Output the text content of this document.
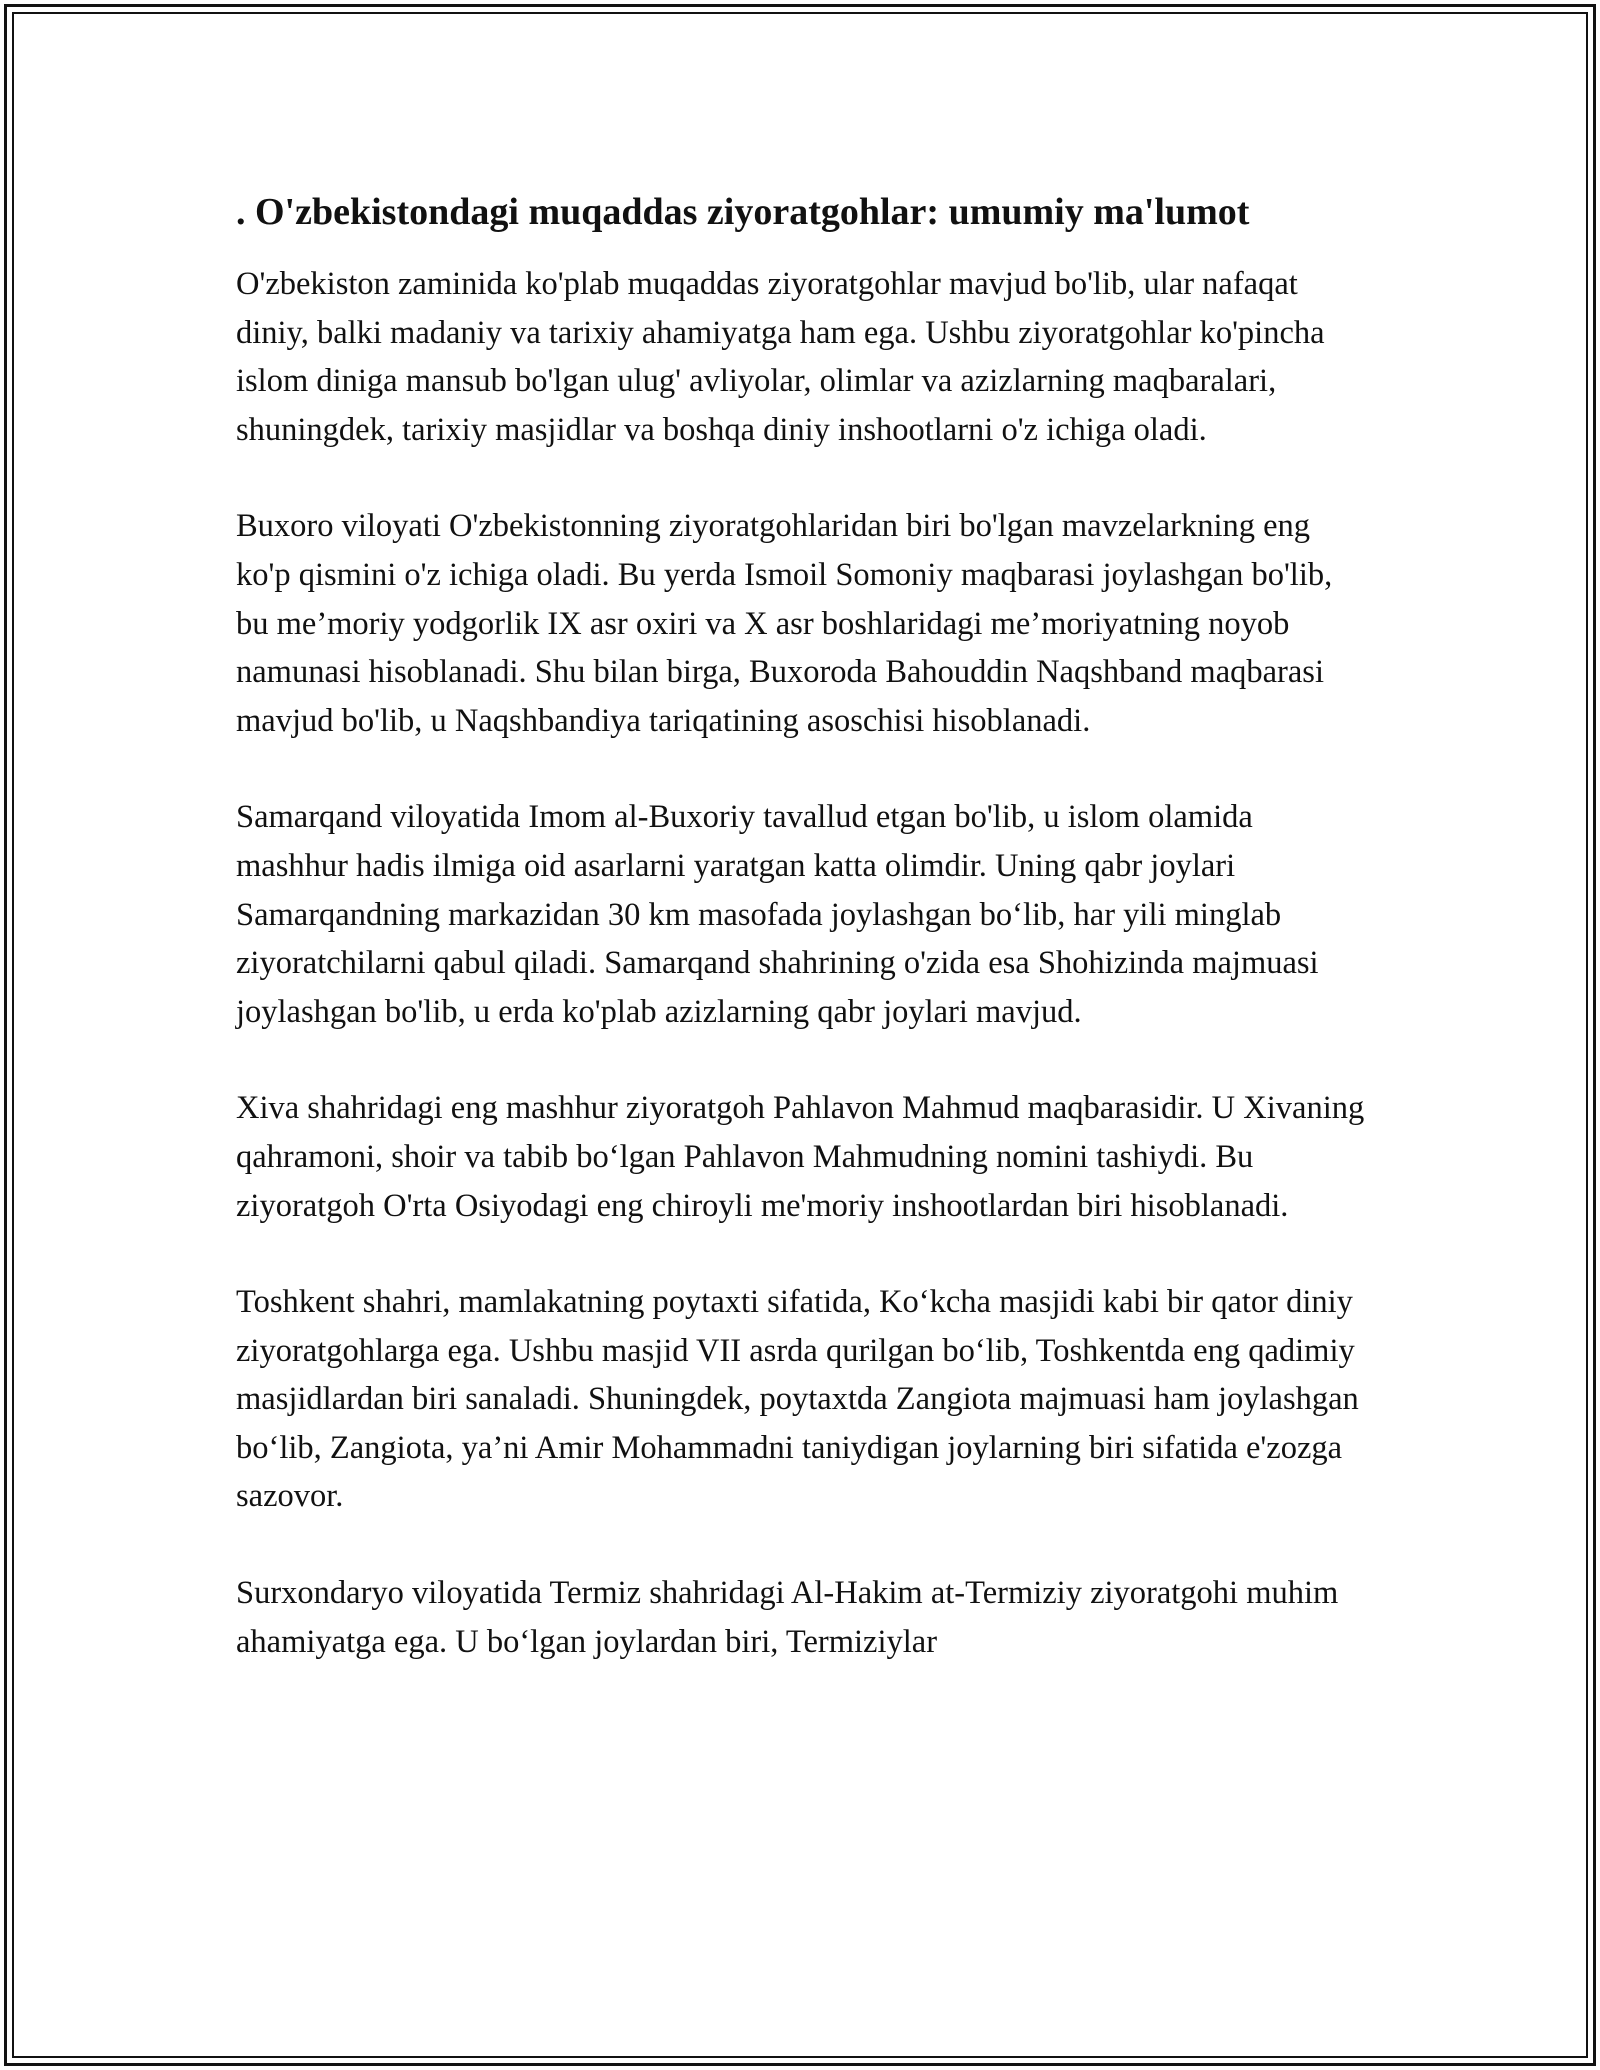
. O'zbekistondagi muqaddas ziyoratgohlar: umumiy ma'lumot

O'zbekiston zaminida ko'plab muqaddas ziyoratgohlar mavjud bo'lib, ular nafaqat diniy, balki madaniy va tarixiy ahamiyatga ham ega. Ushbu ziyoratgohlar ko'pincha islom diniga mansub bo'lgan ulug' avliyolar, olimlar va azizlarning maqbaralari, shuningdek, tarixiy masjidlar va boshqa diniy inshootlarni o'z ichiga oladi.

Buxoro viloyati O'zbekistonning ziyoratgohlaridan biri bo'lgan mavzelarkning eng ko'p qismini o'z ichiga oladi. Bu yerda Ismoil Somoniy maqbarasi joylashgan bo'lib, bu me’moriy yodgorlik IX asr oxiri va X asr boshlaridagi me’moriyatning noyob namunasi hisoblanadi. Shu bilan birga, Buxoroda Bahouddin Naqshband maqbarasi mavjud bo'lib, u Naqshbandiya tariqatining asoschisi hisoblanadi.

Samarqand viloyatida Imom al-Buxoriy tavallud etgan bo'lib, u islom olamida mashhur hadis ilmiga oid asarlarni yaratgan katta olimdir. Uning qabr joylari Samarqandning markazidan 30 km masofada joylashgan bo‘lib, har yili minglab ziyoratchilarni qabul qiladi. Samarqand shahrining o'zida esa Shohizinda majmuasi joylashgan bo'lib, u erda ko'plab azizlarning qabr joylari mavjud.

Xiva shahridagi eng mashhur ziyoratgoh Pahlavon Mahmud maqbarasidir. U Xivaning qahramoni, shoir va tabib bo‘lgan Pahlavon Mahmudning nomini tashiydi. Bu ziyoratgoh O'rta Osiyodagi eng chiroyli me'moriy inshootlardan biri hisoblanadi.

Toshkent shahri, mamlakatning poytaxti sifatida, Ko‘kcha masjidi kabi bir qator diniy ziyoratgohlarga ega. Ushbu masjid VII asrda qurilgan bo‘lib, Toshkentda eng qadimiy masjidlardan biri sanaladi. Shuningdek, poytaxtda Zangiota majmuasi ham joylashgan bo‘lib, Zangiota, ya’ni Amir Mohammadni taniydigan joylarning biri sifatida e'zozga sazovor.

Surxondaryo viloyatida Termiz shahridagi Al-Hakim at-Termiziy ziyoratgohi muhim ahamiyatga ega. U bo‘lgan joylardan biri, Termiziylar
